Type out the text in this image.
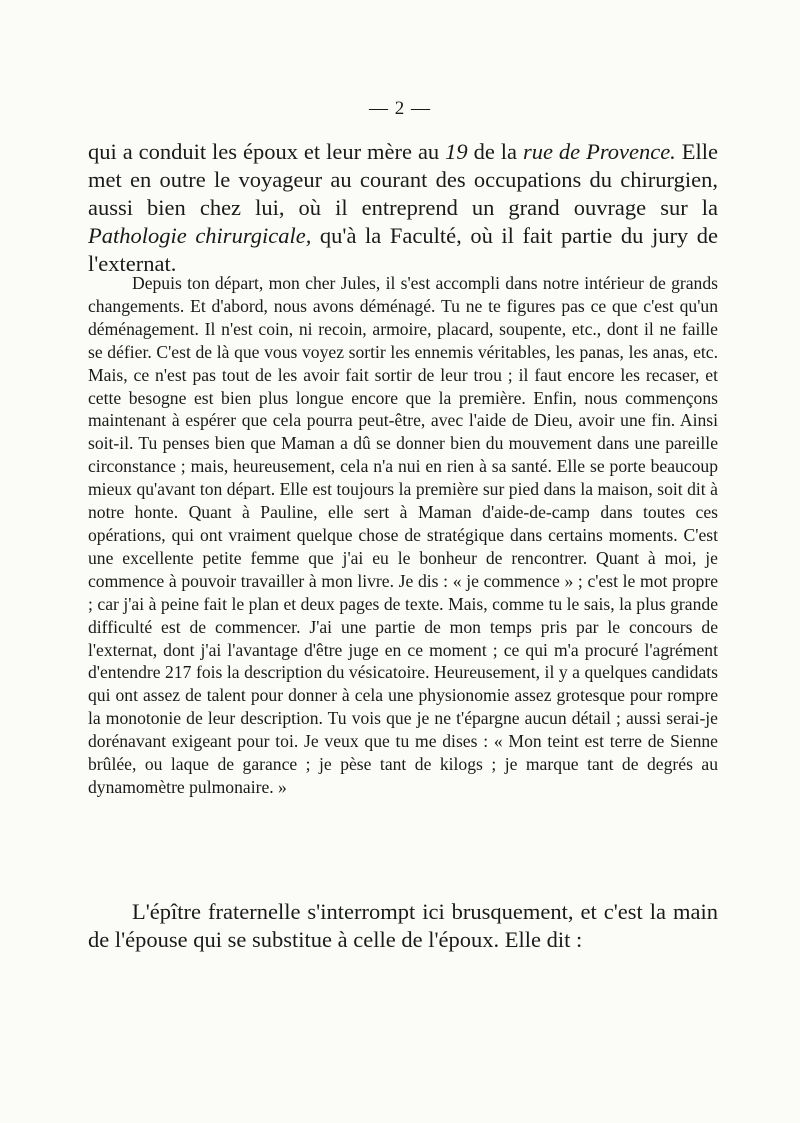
— 2 —

qui a conduit les époux et leur mère au 19 de la rue de Provence. Elle met en outre le voyageur au courant des occupations du chirurgien, aussi bien chez lui, où il entreprend un grand ouvrage sur la Pathologie chirurgicale, qu'à la Faculté, où il fait partie du jury de l'externat.

Depuis ton départ, mon cher Jules, il s'est accompli dans notre intérieur de grands changements. Et d'abord, nous avons déménagé. Tu ne te figures pas ce que c'est qu'un déménagement. Il n'est coin, ni recoin, armoire, placard, soupente, etc., dont il ne faille se défier. C'est de là que vous voyez sortir les ennemis véritables, les panas, les anas, etc. Mais, ce n'est pas tout de les avoir fait sortir de leur trou ; il faut encore les recaser, et cette besogne est bien plus longue encore que la première. Enfin, nous commençons maintenant à espérer que cela pourra peut-être, avec l'aide de Dieu, avoir une fin. Ainsi soit-il. Tu penses bien que Maman a dû se donner bien du mouvement dans une pareille circonstance ; mais, heureusement, cela n'a nui en rien à sa santé. Elle se porte beaucoup mieux qu'avant ton départ. Elle est toujours la première sur pied dans la maison, soit dit à notre honte. Quant à Pauline, elle sert à Maman d'aide-de-camp dans toutes ces opérations, qui ont vraiment quelque chose de stratégique dans certains moments. C'est une excellente petite femme que j'ai eu le bonheur de rencontrer. Quant à moi, je commence à pouvoir travailler à mon livre. Je dis : « je commence » ; c'est le mot propre ; car j'ai à peine fait le plan et deux pages de texte. Mais, comme tu le sais, la plus grande difficulté est de commencer. J'ai une partie de mon temps pris par le concours de l'externat, dont j'ai l'avantage d'être juge en ce moment ; ce qui m'a procuré l'agrément d'entendre 217 fois la description du vésicatoire. Heureusement, il y a quelques candidats qui ont assez de talent pour donner à cela une physionomie assez grotesque pour rompre la monotonie de leur description. Tu vois que je ne t'épargne aucun détail ; aussi serai-je dorénavant exigeant pour toi. Je veux que tu me dises : « Mon teint est terre de Sienne brûlée, ou laque de garance ; je pèse tant de kilogs ; je marque tant de degrés au dynamomètre pulmonaire. »

L'épître fraternelle s'interrompt ici brusquement, et c'est la main de l'épouse qui se substitue à celle de l'époux. Elle dit :
